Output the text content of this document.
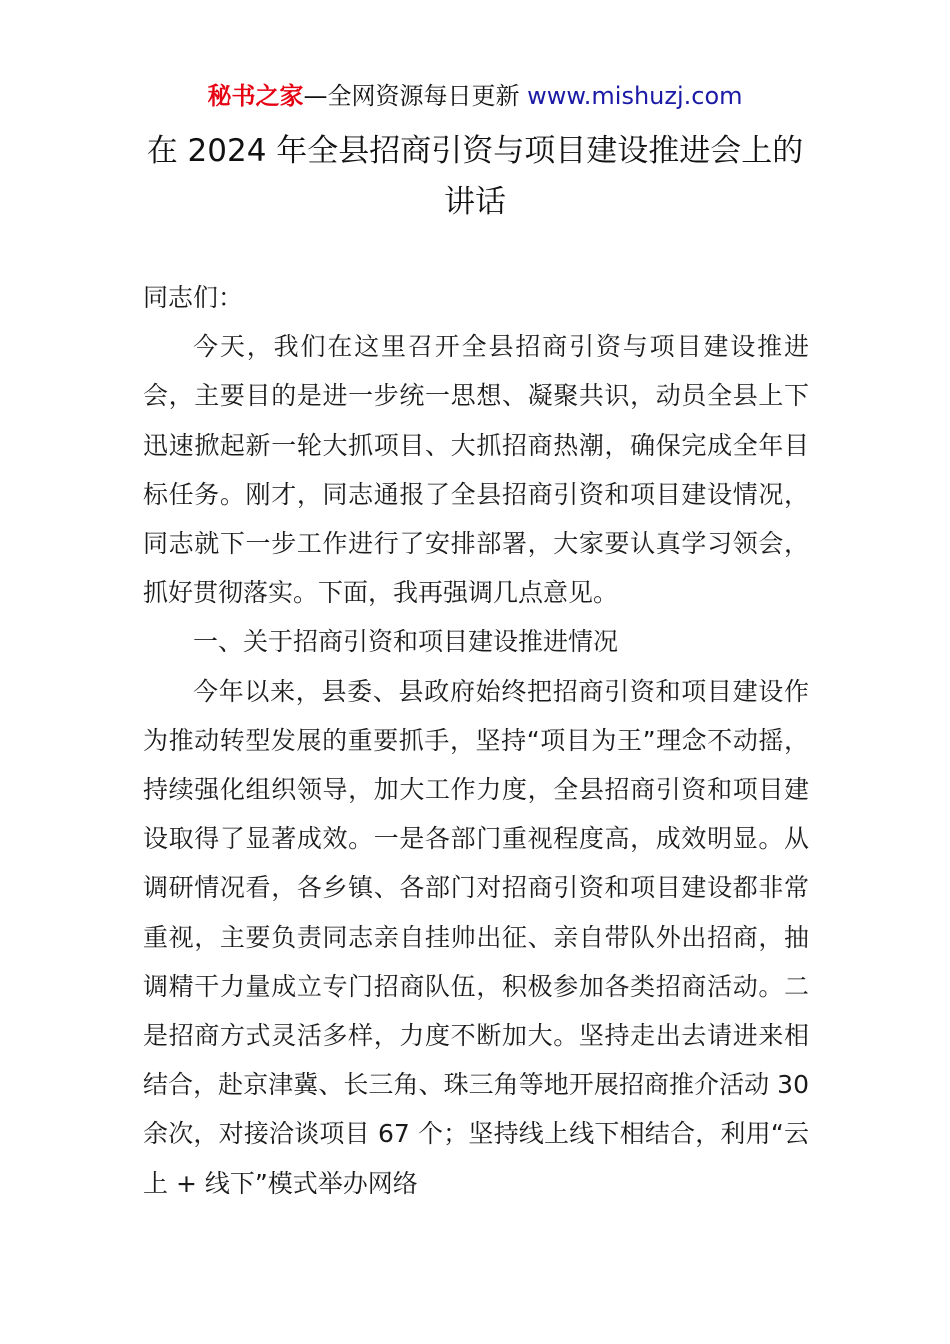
秘书之家—全网资源每日更新 www.mishuzj.com
在 2024 年全县招商引资与项目建设推进会上的讲话

同志们：

今天，我们在这里召开全县招商引资与项目建设推进会，主要目的是进一步统一思想、凝聚共识，动员全县上下迅速掀起新一轮大抓项目、大抓招商热潮，确保完成全年目标任务。刚才，同志通报了全县招商引资和项目建设情况，同志就下一步工作进行了安排部署，大家要认真学习领会，抓好贯彻落实。下面，我再强调几点意见。

一、关于招商引资和项目建设推进情况

今年以来，县委、县政府始终把招商引资和项目建设作为推动转型发展的重要抓手，坚持“项目为王”理念不动摇，持续强化组织领导，加大工作力度，全县招商引资和项目建设取得了显著成效。一是各部门重视程度高，成效明显。从调研情况看，各乡镇、各部门对招商引资和项目建设都非常重视，主要负责同志亲自挂帅出征、亲自带队外出招商，抽调精干力量成立专门招商队伍，积极参加各类招商活动。二是招商方式灵活多样，力度不断加大。坚持走出去请进来相结合，赴京津冀、长三角、珠三角等地开展招商推介活动 30 余次，对接洽谈项目 67 个；坚持线上线下相结合，利用“云上 + 线下”模式举办网络
